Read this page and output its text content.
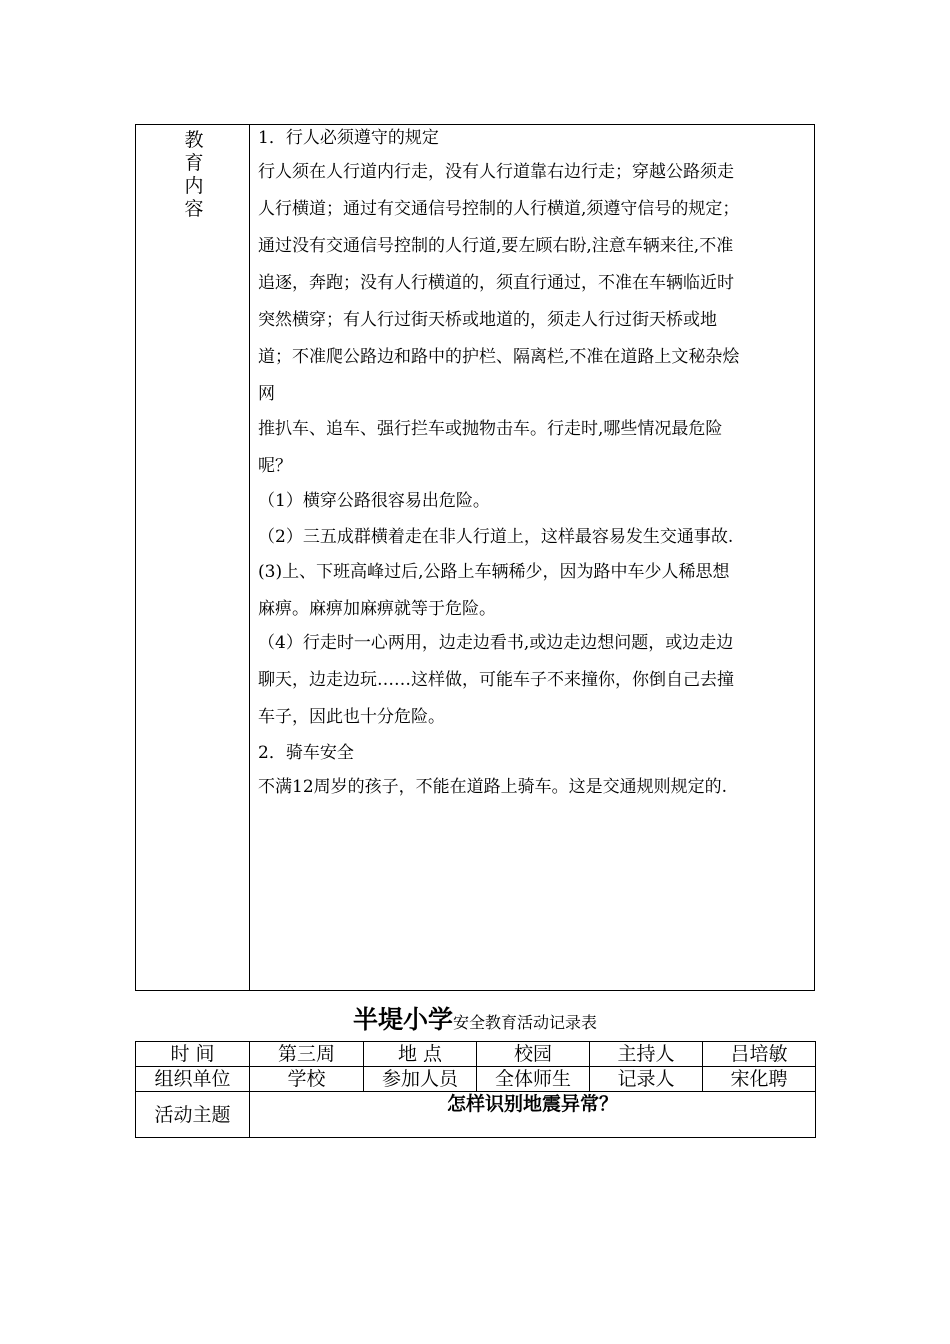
教
育
内
容
1．行人必须遵守的规定
行人须在人行道内行走，没有人行道靠右边行走；穿越公路须走
人行横道；通过有交通信号控制的人行横道,须遵守信号的规定；
通过没有交通信号控制的人行道,要左顾右盼,注意车辆来往,不准
追逐，奔跑；没有人行横道的，须直行通过，不准在车辆临近时
突然横穿；有人行过街天桥或地道的，须走人行过街天桥或地
道；不准爬公路边和路中的护栏、隔离栏,不准在道路上文秘杂烩
网
推扒车、追车、强行拦车或抛物击车。行走时,哪些情况最危险
呢？
（1）横穿公路很容易出危险。
（2）三五成群横着走在非人行道上，这样最容易发生交通事故.
(3)上、下班高峰过后,公路上车辆稀少，因为路中车少人稀思想
麻痹。麻痹加麻痹就等于危险。
（4）行走时一心两用，边走边看书,或边走边想问题，或边走边
聊天，边走边玩……这样做，可能车子不来撞你，你倒自己去撞
车子，因此也十分危险。
2．骑车安全
不满12周岁的孩子，不能在道路上骑车。这是交通规则规定的.
半堤小学安全教育活动记录表
时 间	第三周	地 点	校园	主持人	吕培敏
组织单位	学校	参加人员	全体师生	记录人	宋化聘
活动主题	怎样识别地震异常？				
